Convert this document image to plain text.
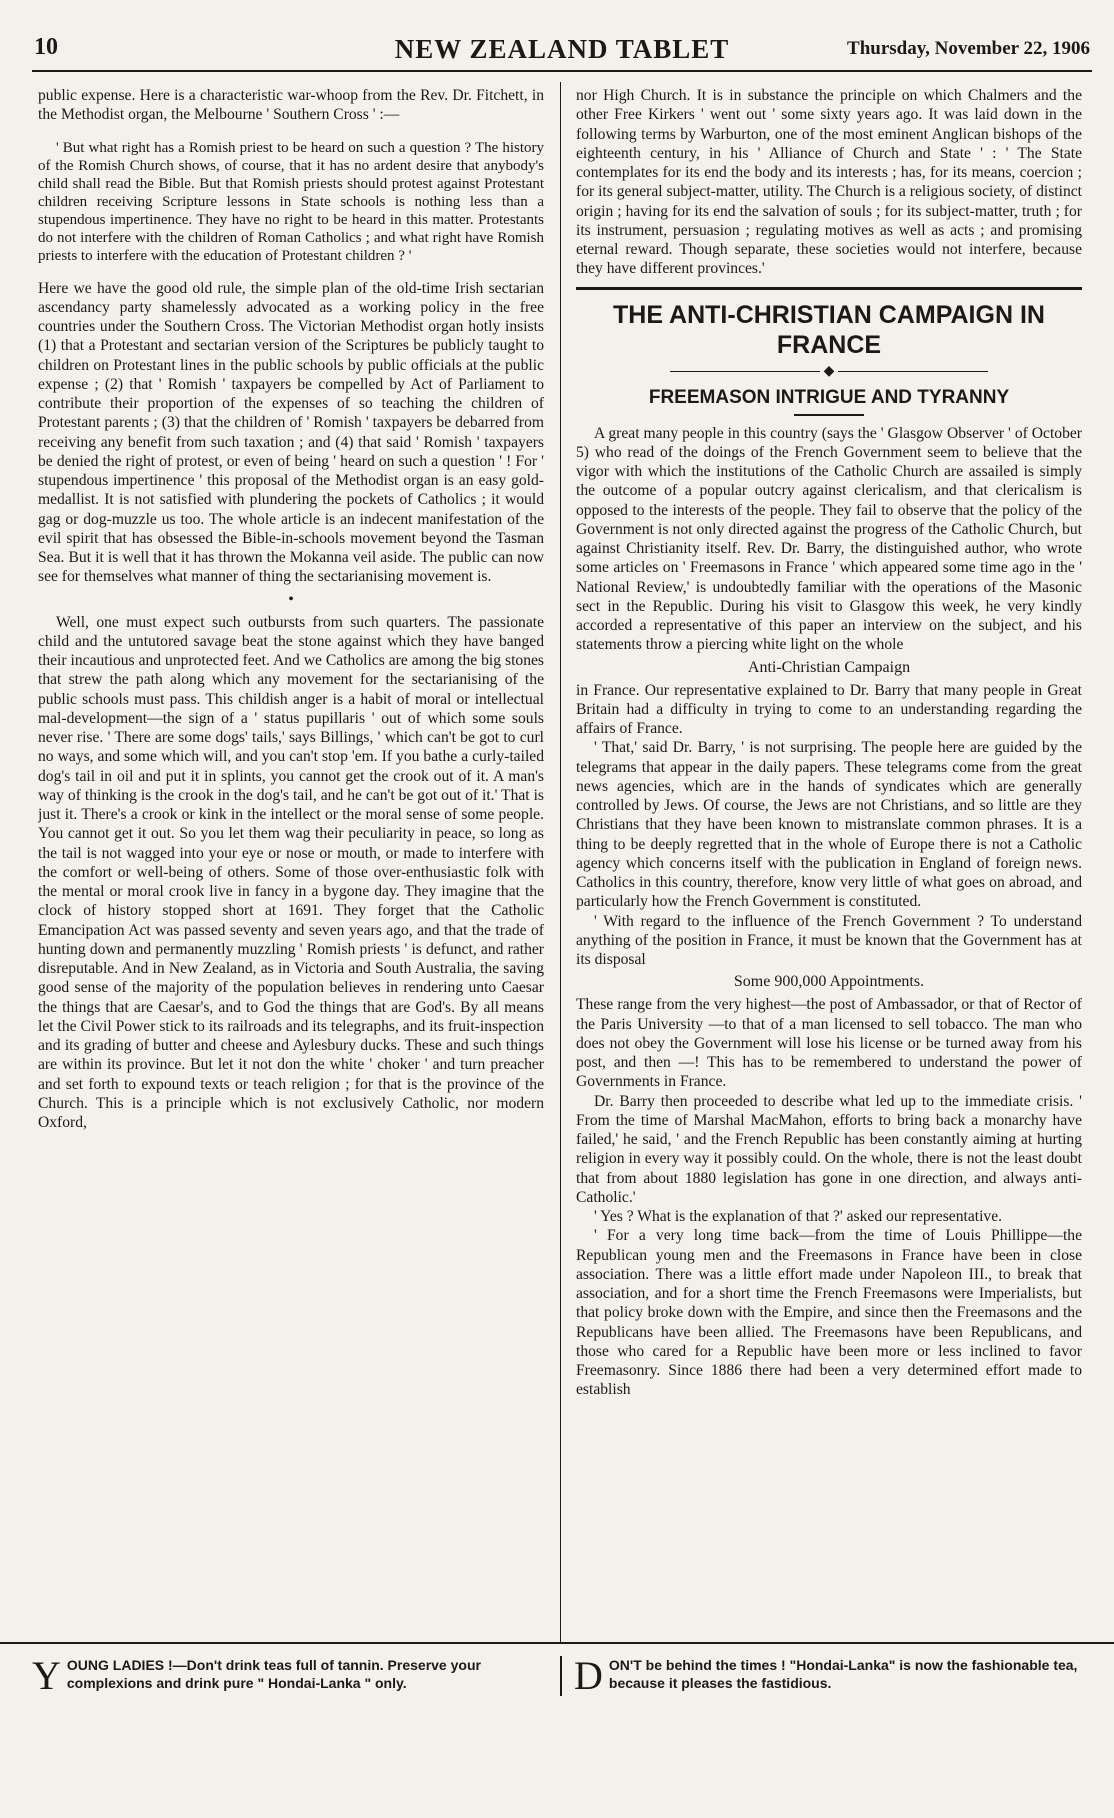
10	NEW ZEALAND TABLET	Thursday, November 22, 1906

public expense. Here is a characteristic war-whoop from the Rev. Dr. Fitchett, in the Methodist organ, the Melbourne ' Southern Cross ' :—

' But what right has a Romish priest to be heard on such a question ? The history of the Romish Church shows, of course, that it has no ardent desire that anybody's child shall read the Bible. But that Romish priests should protest against Protestant children receiving Scripture lessons in State schools is nothing less than a stupendous impertinence. They have no right to be heard in this matter. Protestants do not interfere with the children of Roman Catholics ; and what right have Romish priests to interfere with the education of Protestant children ? '

Here we have the good old rule, the simple plan of the old-time Irish sectarian ascendancy party shamelessly advocated as a working policy in the free countries under the Southern Cross. The Victorian Methodist organ hotly insists (1) that a Protestant and sectarian version of the Scriptures be publicly taught to children on Protestant lines in the public schools by public officials at the public expense ; (2) that ' Romish ' taxpayers be compelled by Act of Parliament to contribute their proportion of the expenses of so teaching the children of Protestant parents ; (3) that the children of ' Romish ' taxpayers be debarred from receiving any benefit from such taxation ; and (4) that said ' Romish ' taxpayers be denied the right of protest, or even of being ' heard on such a question ' ! For ' stupendous impertinence ' this proposal of the Methodist organ is an easy gold-medallist. It is not satisfied with plundering the pockets of Catholics ; it would gag or dog-muzzle us too. The whole article is an indecent manifestation of the evil spirit that has obsessed the Bible-in-schools movement beyond the Tasman Sea. But it is well that it has thrown the Mokanna veil aside. The public can now see for themselves what manner of thing the sectarianising movement is.

•

Well, one must expect such outbursts from such quarters. The passionate child and the untutored savage beat the stone against which they have banged their incautious and unprotected feet. And we Catholics are among the big stones that strew the path along which any movement for the sectarianising of the public schools must pass. This childish anger is a habit of moral or intellectual mal-development—the sign of a ' status pupillaris ' out of which some souls never rise. ' There are some dogs' tails,' says Billings, ' which can't be got to curl no ways, and some which will, and you can't stop 'em. If you bathe a curly-tailed dog's tail in oil and put it in splints, you cannot get the crook out of it. A man's way of thinking is the crook in the dog's tail, and he can't be got out of it.' That is just it. There's a crook or kink in the intellect or the moral sense of some people. You cannot get it out. So you let them wag their peculiarity in peace, so long as the tail is not wagged into your eye or nose or mouth, or made to interfere with the comfort or well-being of others. Some of those over-enthusiastic folk with the mental or moral crook live in fancy in a bygone day. They imagine that the clock of history stopped short at 1691. They forget that the Catholic Emancipation Act was passed seventy and seven years ago, and that the trade of hunting down and permanently muzzling ' Romish priests ' is defunct, and rather disreputable. And in New Zealand, as in Victoria and South Australia, the saving good sense of the majority of the population believes in rendering unto Caesar the things that are Caesar's, and to God the things that are God's. By all means let the Civil Power stick to its railroads and its telegraphs, and its fruit-inspection and its grading of butter and cheese and Aylesbury ducks. These and such things are within its province. But let it not don the white ' choker ' and turn preacher and set forth to expound texts or teach religion ; for that is the province of the Church. This is a principle which is not exclusively Catholic, nor modern Oxford,

nor High Church. It is in substance the principle on which Chalmers and the other Free Kirkers ' went out ' some sixty years ago. It was laid down in the following terms by Warburton, one of the most eminent Anglican bishops of the eighteenth century, in his ' Alliance of Church and State ' : ' The State contemplates for its end the body and its interests ; has, for its means, coercion ; for its general subject-matter, utility. The Church is a religious society, of distinct origin ; having for its end the salvation of souls ; for its subject-matter, truth ; for its instrument, persuasion ; regulating motives as well as acts ; and promising eternal reward. Though separate, these societies would not interfere, because they have different provinces.'

THE ANTI-CHRISTIAN CAMPAIGN IN FRANCE
◆
FREEMASON INTRIGUE AND TYRANNY

A great many people in this country (says the ' Glasgow Observer ' of October 5) who read of the doings of the French Government seem to believe that the vigor with which the institutions of the Catholic Church are assailed is simply the outcome of a popular outcry against clericalism, and that clericalism is opposed to the interests of the people. They fail to observe that the policy of the Government is not only directed against the progress of the Catholic Church, but against Christianity itself. Rev. Dr. Barry, the distinguished author, who wrote some articles on ' Freemasons in France ' which appeared some time ago in the ' National Review,' is undoubtedly familiar with the operations of the Masonic sect in the Republic. During his visit to Glasgow this week, he very kindly accorded a representative of this paper an interview on the subject, and his statements throw a piercing white light on the whole

Anti-Christian Campaign

in France. Our representative explained to Dr. Barry that many people in Great Britain had a difficulty in trying to come to an understanding regarding the affairs of France.

' That,' said Dr. Barry, ' is not surprising. The people here are guided by the telegrams that appear in the daily papers. These telegrams come from the great news agencies, which are in the hands of syndicates which are generally controlled by Jews. Of course, the Jews are not Christians, and so little are they Christians that they have been known to mistranslate common phrases. It is a thing to be deeply regretted that in the whole of Europe there is not a Catholic agency which concerns itself with the publication in England of foreign news. Catholics in this country, therefore, know very little of what goes on abroad, and particularly how the French Government is constituted.

' With regard to the influence of the French Government ? To understand anything of the position in France, it must be known that the Government has at its disposal

Some 900,000 Appointments.

These range from the very highest—the post of Ambassador, or that of Rector of the Paris University —to that of a man licensed to sell tobacco. The man who does not obey the Government will lose his license or be turned away from his post, and then —! This has to be remembered to understand the power of Governments in France.

Dr. Barry then proceeded to describe what led up to the immediate crisis. ' From the time of Marshal MacMahon, efforts to bring back a monarchy have failed,' he said, ' and the French Republic has been constantly aiming at hurting religion in every way it possibly could. On the whole, there is not the least doubt that from about 1880 legislation has gone in one direction, and always anti-Catholic.'

' Yes ? What is the explanation of that ?' asked our representative.

' For a very long time back—from the time of Louis Phillippe—the Republican young men and the Freemasons in France have been in close association. There was a little effort made under Napoleon III., to break that association, and for a short time the French Freemasons were Imperialists, but that policy broke down with the Empire, and since then the Freemasons and the Republicans have been allied. The Freemasons have been Republicans, and those who cared for a Republic have been more or less inclined to favor Freemasonry. Since 1886 there had been a very determined effort made to establish

Y OUNG LADIES !—Don't drink teas full of tannin. Preserve your complexions and drink pure " Hondai-Lanka " only.	D ON'T be behind the times ! "Hondai-Lanka" is now the fashionable tea, because it pleases the fastidious.
